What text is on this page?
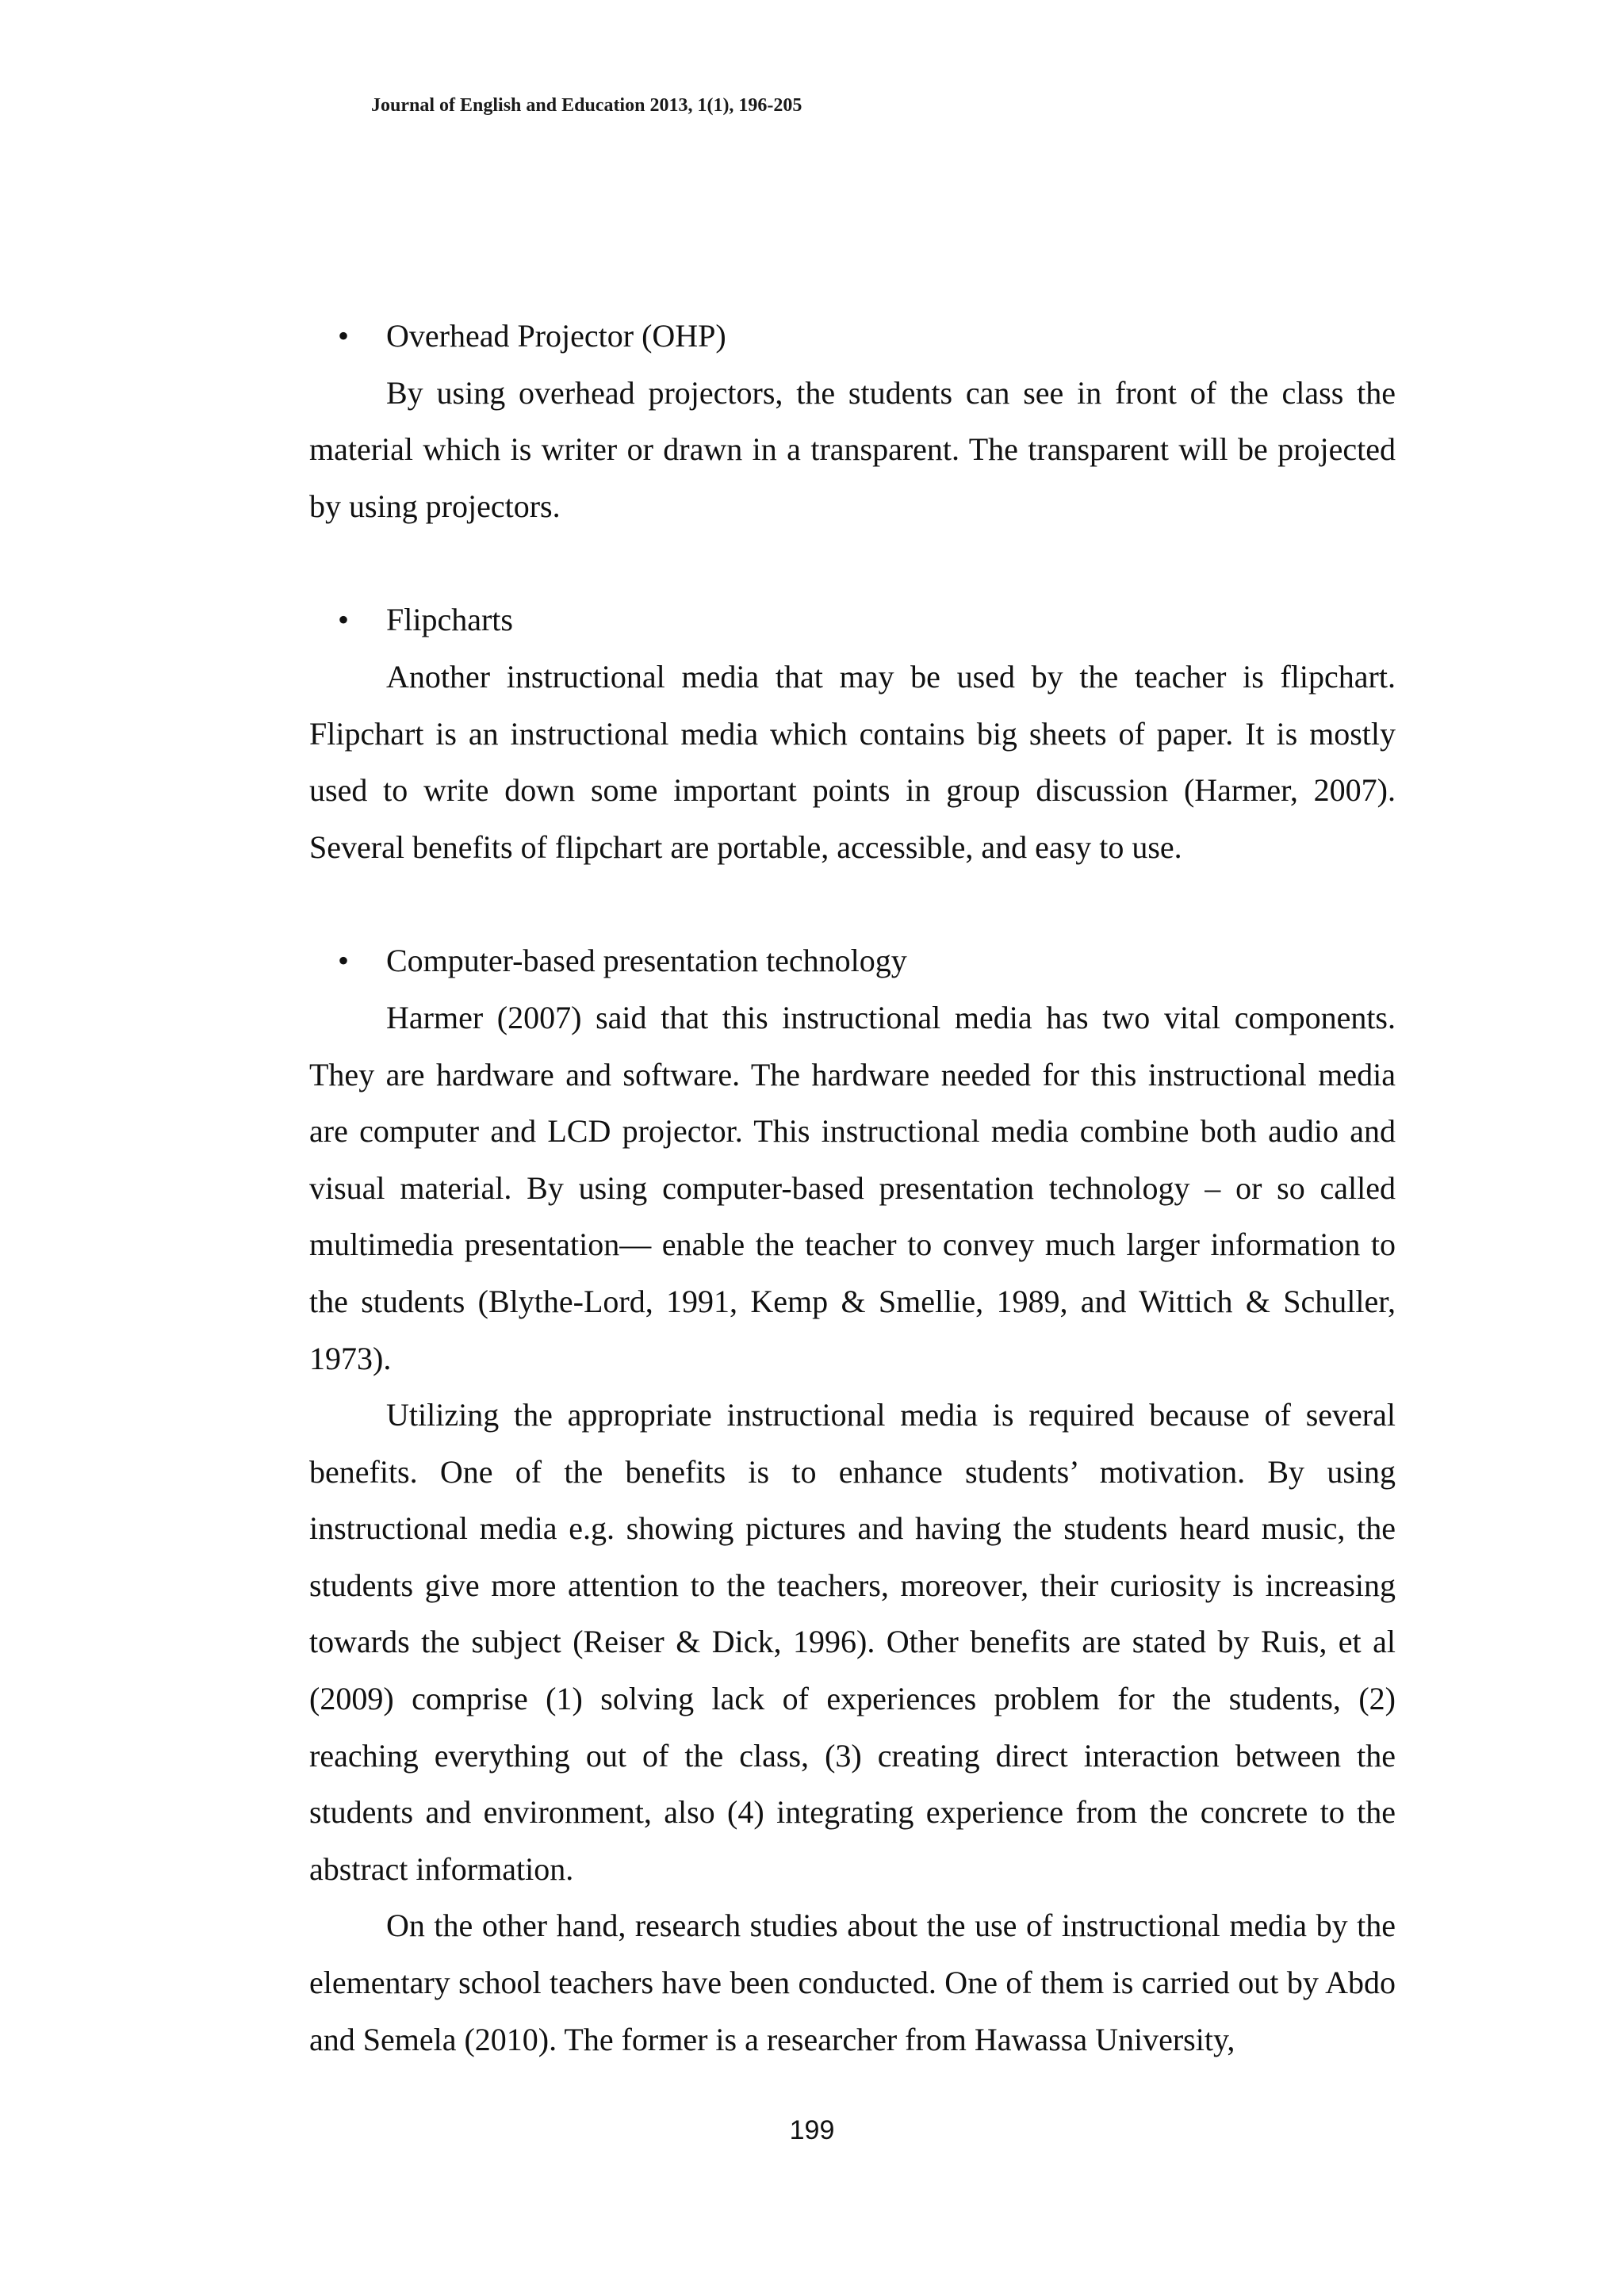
Journal of English and Education 2013, 1(1), 196-205
• Overhead Projector (OHP)

By using overhead projectors, the students can see in front of the class the material which is writer or drawn in a transparent. The transparent will be projected by using projectors.

• Flipcharts

Another instructional media that may be used by the teacher is flipchart. Flipchart is an instructional media which contains big sheets of paper. It is mostly used to write down some important points in group discussion (Harmer, 2007). Several benefits of flipchart are portable, accessible, and easy to use.

• Computer-based presentation technology

Harmer (2007) said that this instructional media has two vital components. They are hardware and software. The hardware needed for this instructional media are computer and LCD projector. This instructional media combine both audio and visual material. By using computer-based presentation technology – or so called multimedia presentation— enable the teacher to convey much larger information to the students (Blythe-Lord, 1991, Kemp & Smellie, 1989, and Wittich & Schuller, 1973).

Utilizing the appropriate instructional media is required because of several benefits. One of the benefits is to enhance students’ motivation. By using instructional media e.g. showing pictures and having the students heard music, the students give more attention to the teachers, moreover, their curiosity is increasing towards the subject (Reiser & Dick, 1996). Other benefits are stated by Ruis, et al (2009) comprise (1) solving lack of experiences problem for the students, (2) reaching everything out of the class, (3) creating direct interaction between the students and environment, also (4) integrating experience from the concrete to the abstract information.

On the other hand, research studies about the use of instructional media by the elementary school teachers have been conducted. One of them is carried out by Abdo and Semela (2010). The former is a researcher from Hawassa University,

199
